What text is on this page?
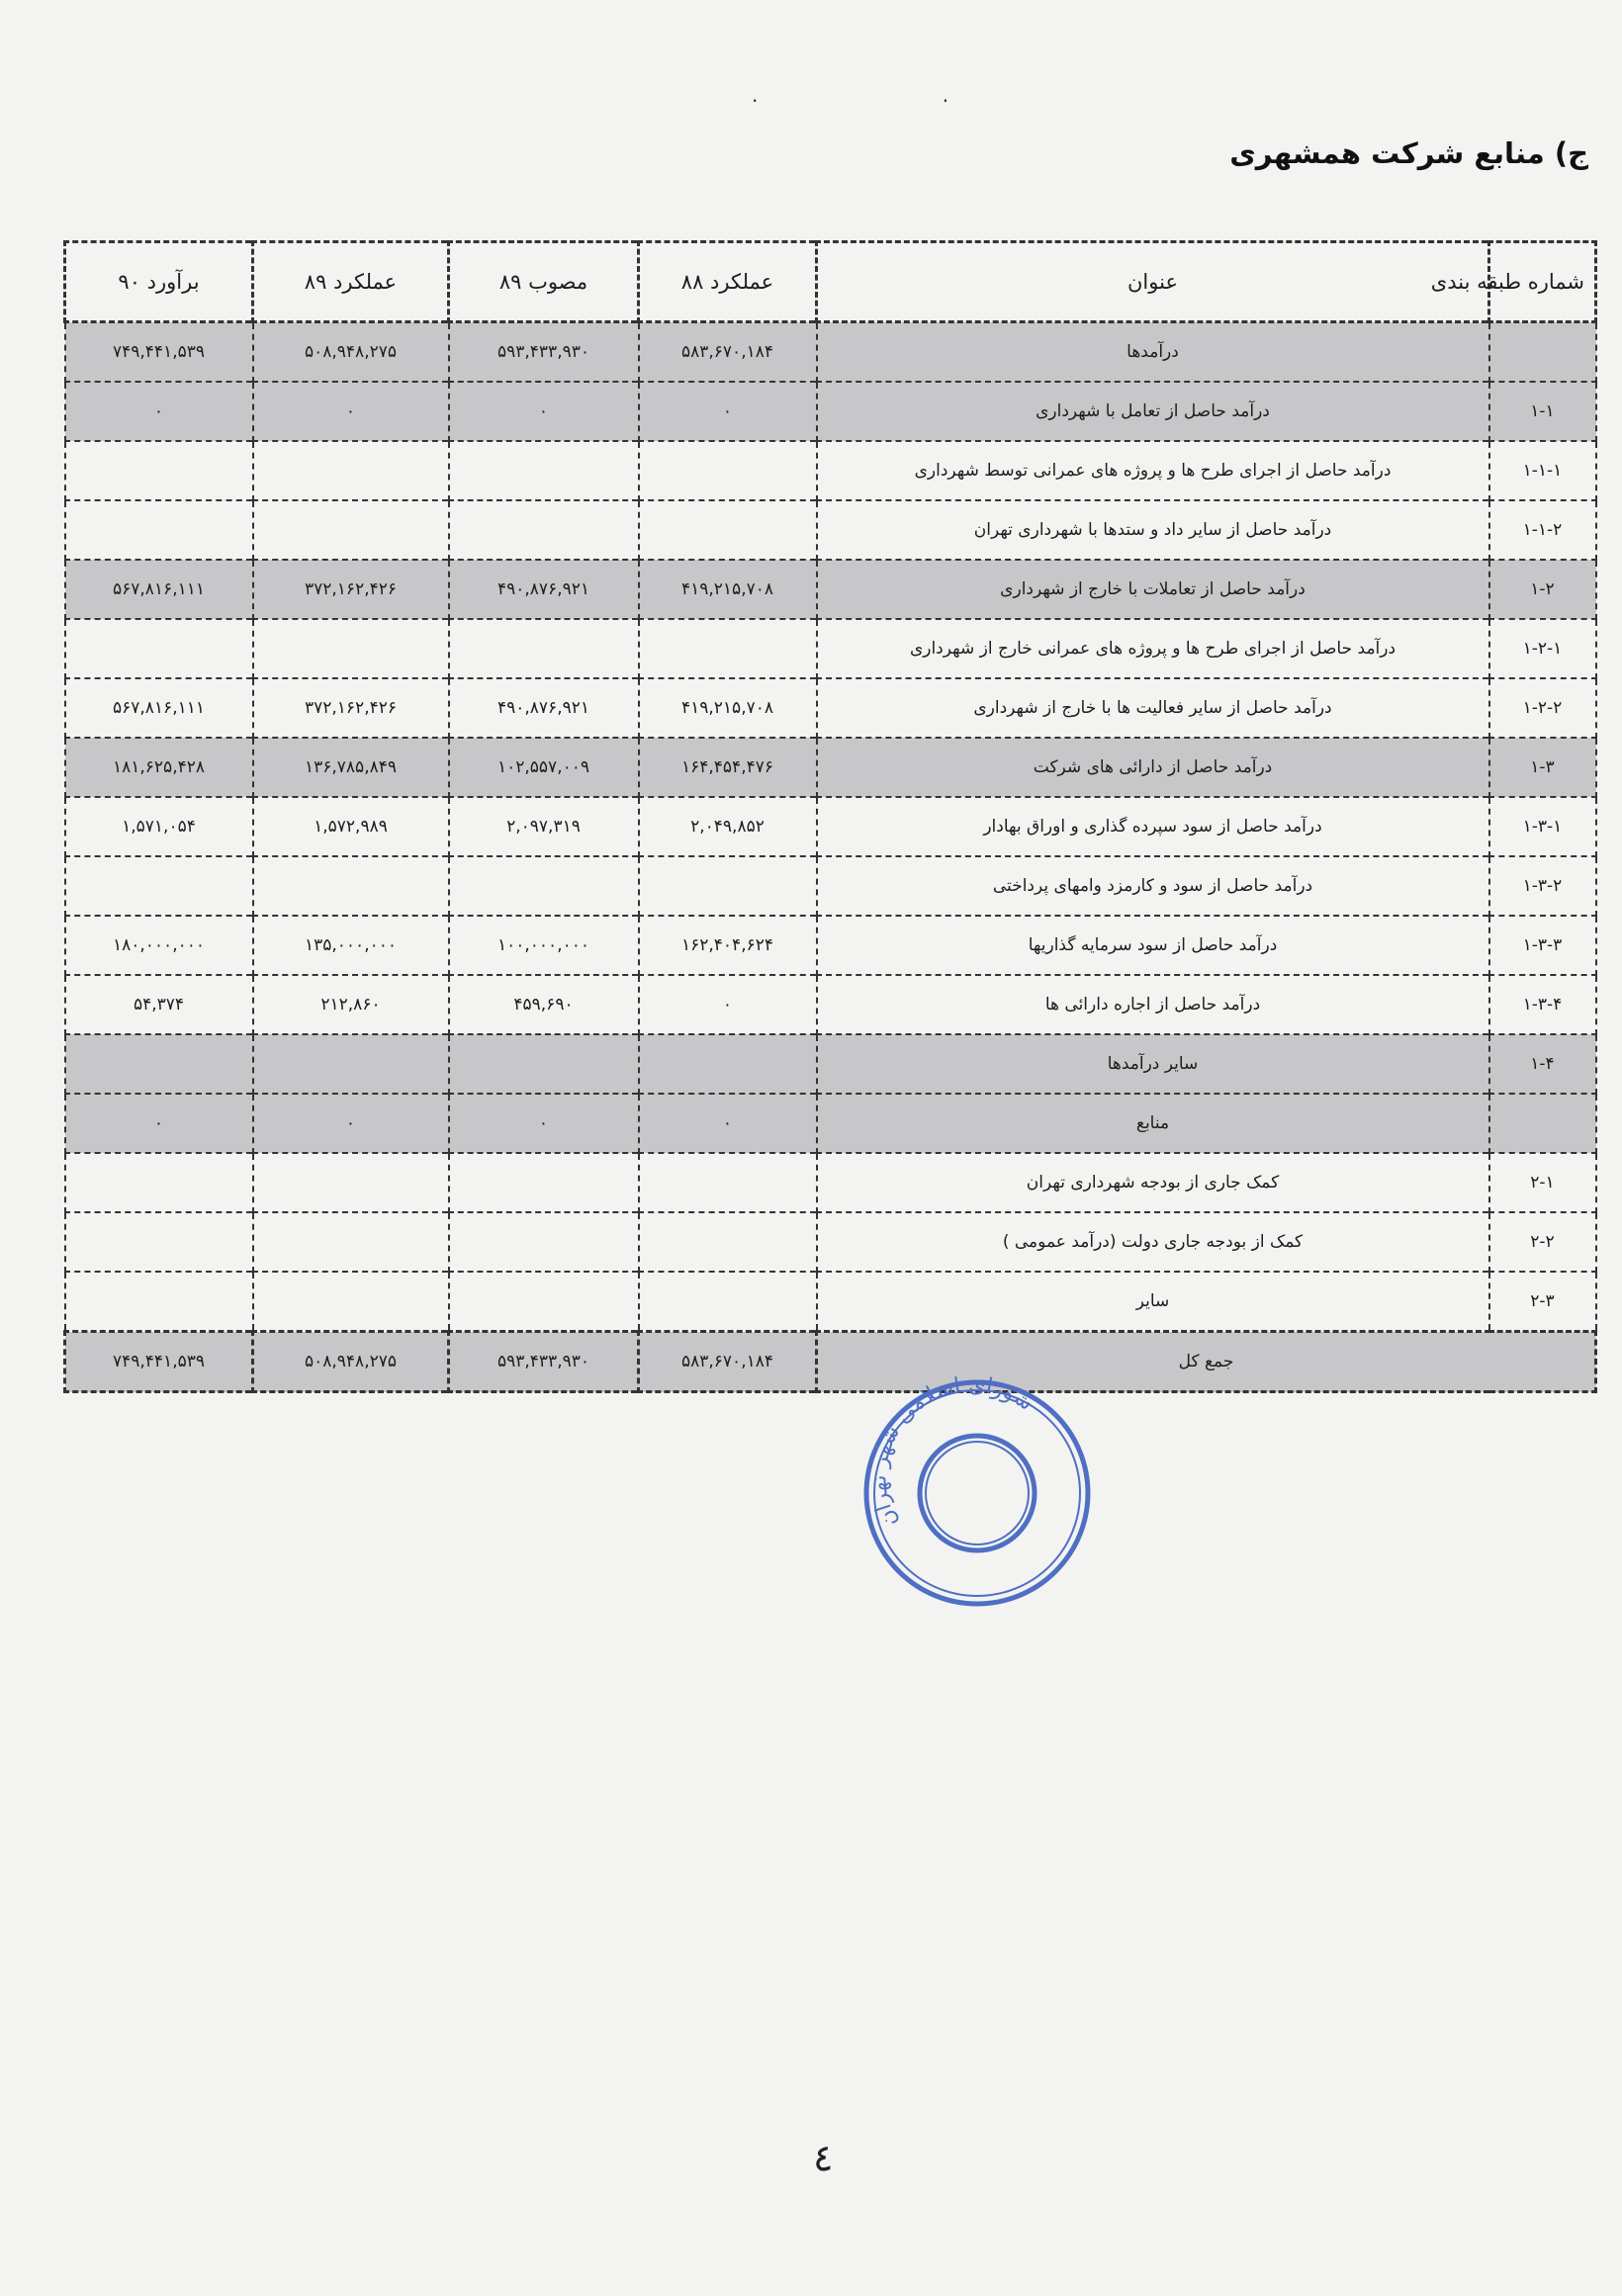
. .
ج) منابع شرکت همشهری
شماره طبقه بندی	عنوان	عملکرد ۸۸	مصوب ۸۹	عملکرد ۸۹	برآورد ۹۰
	درآمدها	۵۸۳,۶۷۰,۱۸۴	۵۹۳,۴۳۳,۹۳۰	۵۰۸,۹۴۸,۲۷۵	۷۴۹,۴۴۱,۵۳۹
۱-۱	درآمد حاصل از تعامل با شهرداری	۰	۰	۰	۰
۱-۱-۱	درآمد حاصل از اجرای طرح ها و پروژه های عمرانی توسط شهرداری				
۱-۱-۲	درآمد حاصل از سایر داد و ستدها با شهرداری تهران				
۱-۲	درآمد حاصل از تعاملات با خارج از شهرداری	۴۱۹,۲۱۵,۷۰۸	۴۹۰,۸۷۶,۹۲۱	۳۷۲,۱۶۲,۴۲۶	۵۶۷,۸۱۶,۱۱۱
۱-۲-۱	درآمد حاصل از اجرای طرح ها و پروژه های عمرانی خارج از شهرداری				
۱-۲-۲	درآمد حاصل از سایر فعالیت ها با خارج از شهرداری	۴۱۹,۲۱۵,۷۰۸	۴۹۰,۸۷۶,۹۲۱	۳۷۲,۱۶۲,۴۲۶	۵۶۷,۸۱۶,۱۱۱
۱-۳	درآمد حاصل از دارائی های شرکت	۱۶۴,۴۵۴,۴۷۶	۱۰۲,۵۵۷,۰۰۹	۱۳۶,۷۸۵,۸۴۹	۱۸۱,۶۲۵,۴۲۸
۱-۳-۱	درآمد حاصل از سود سپرده گذاری و اوراق بهادار	۲,۰۴۹,۸۵۲	۲,۰۹۷,۳۱۹	۱,۵۷۲,۹۸۹	۱,۵۷۱,۰۵۴
۱-۳-۲	درآمد حاصل از سود و کارمزد وامهای پرداختی				
۱-۳-۳	درآمد حاصل از سود سرمایه گذاریها	۱۶۲,۴۰۴,۶۲۴	۱۰۰,۰۰۰,۰۰۰	۱۳۵,۰۰۰,۰۰۰	۱۸۰,۰۰۰,۰۰۰
۱-۳-۴	درآمد حاصل از اجاره دارائی ها	۰	۴۵۹,۶۹۰	۲۱۲,۸۶۰	۵۴,۳۷۴
۱-۴	سایر درآمدها				
	منابع	۰	۰	۰	۰
۲-۱	کمک جاری از بودجه شهرداری تهران				
۲-۲	کمک از بودجه جاری دولت (درآمد عمومی )				
۲-۳	سایر				
جمع کل		۵۸۳,۶۷۰,۱۸۴	۵۹۳,۴۳۳,۹۳۰	۵۰۸,۹۴۸,۲۷۵	۷۴۹,۴۴۱,۵۳۹
شورای اسلامی شهر تهران
٤
